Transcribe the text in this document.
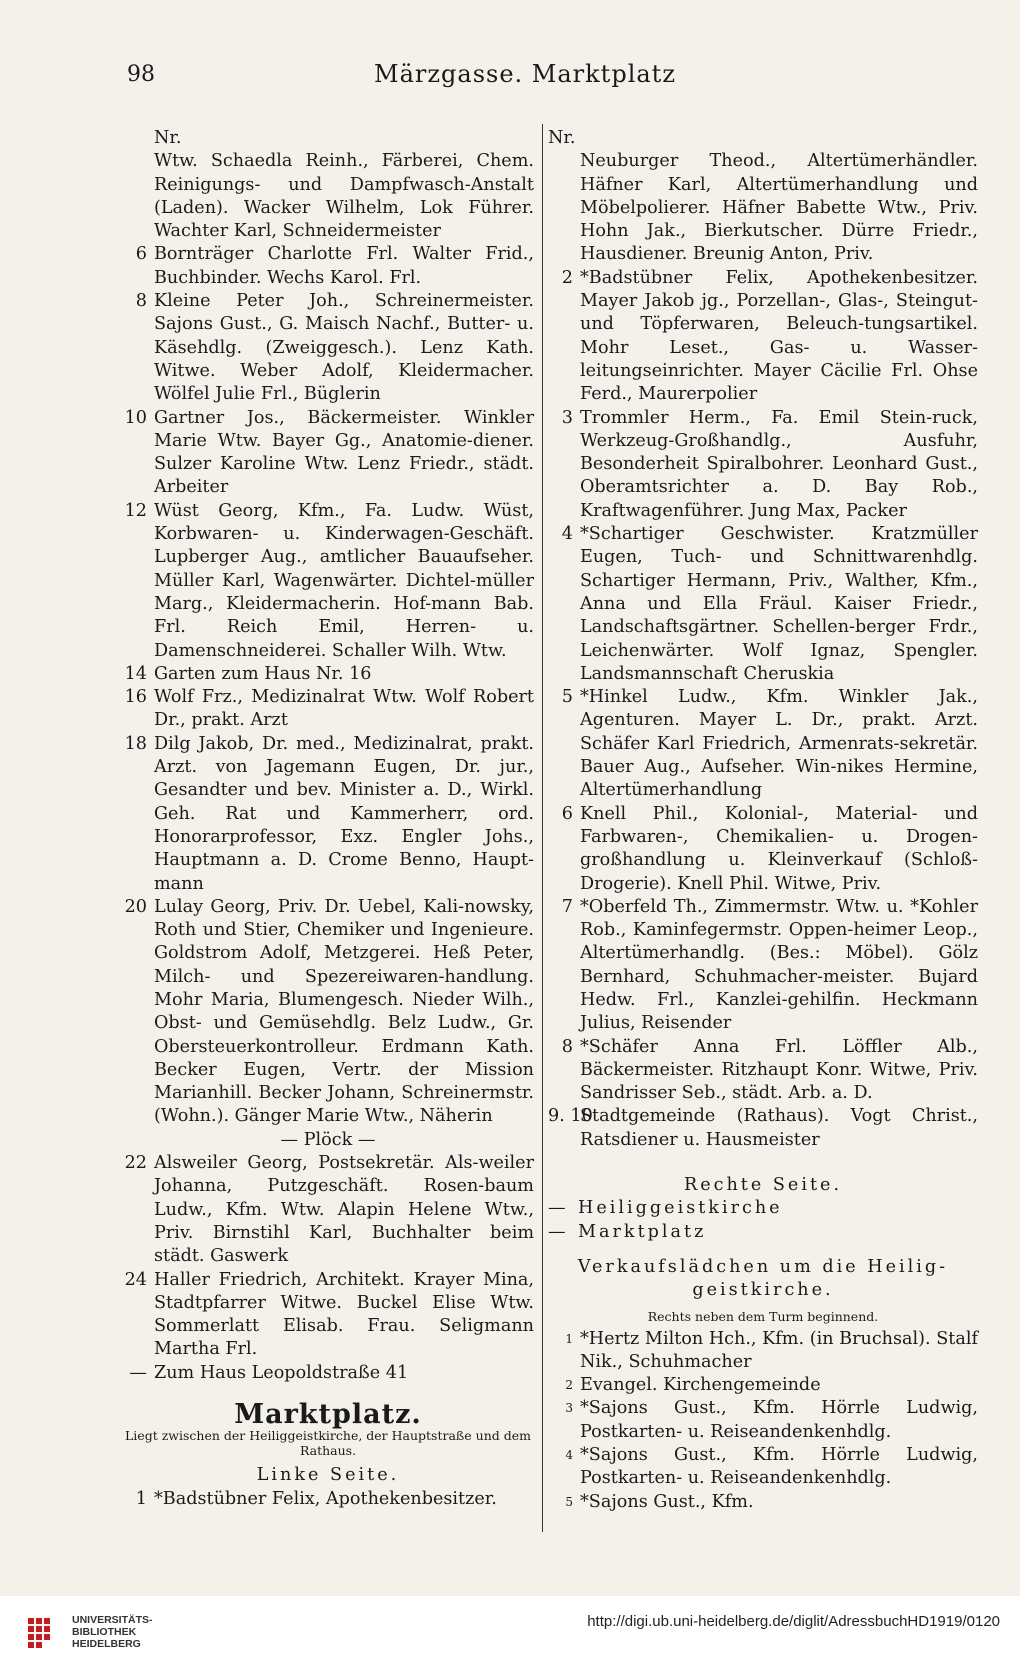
98	Märzgasse. Marktplatz
Nr.
Wtw. Schaedla Reinh., Färberei, Chem. Reinigungs- und Dampfwasch-Anstalt (Laden). Wacker Wilhelm, Lok Führer. Wachter Karl, Schneidermeister
6 Bornträger Charlotte Frl. Walter Frid., Buchbinder. Wechs Karol. Frl.
8 Kleine Peter Joh., Schreinermeister. Sajons Gust., G. Maisch Nachf., Butter- u. Käsehdlg. (Zweiggesch.). Lenz Kath. Witwe. Weber Adolf, Kleidermacher. Wölfel Julie Frl., Büglerin
10 Gartner Jos., Bäckermeister. Winkler Marie Wtw. Bayer Gg., Anatomie-diener. Sulzer Karoline Wtw. Lenz Friedr., städt. Arbeiter
12 Wüst Georg, Kfm., Fa. Ludw. Wüst, Korbwaren- u. Kinderwagen-Geschäft. Lupberger Aug., amtlicher Bauaufseher. Müller Karl, Wagenwärter. Dichtel-müller Marg., Kleidermacherin. Hof-mann Bab. Frl. Reich Emil, Herren- u. Damenschneiderei. Schaller Wilh. Wtw.
14 Garten zum Haus Nr. 16
16 Wolf Frz., Medizinalrat Wtw. Wolf Robert Dr., prakt. Arzt
18 Dilg Jakob, Dr. med., Medizinalrat, prakt. Arzt. von Jagemann Eugen, Dr. jur., Gesandter und bev. Minister a. D., Wirkl. Geh. Rat und Kammerherr, ord. Honorarprofessor, Exz. Engler Johs., Hauptmann a. D. Crome Benno, Haupt-mann
20 Lulay Georg, Priv. Dr. Uebel, Kali-nowsky, Roth und Stier, Chemiker und Ingenieure. Goldstrom Adolf, Metzgerei. Heß Peter, Milch- und Spezereiwaren-handlung. Mohr Maria, Blumengesch. Nieder Wilh., Obst- und Gemüsehdlg. Belz Ludw., Gr. Obersteuerkontrolleur. Erdmann Kath. Becker Eugen, Vertr. der Mission Marianhill. Becker Johann, Schreinermstr. (Wohn.). Gänger Marie Wtw., Näherin
— Plöck —
22 Alsweiler Georg, Postsekretär. Als-weiler Johanna, Putzgeschäft. Rosen-baum Ludw., Kfm. Wtw. Alapin Helene Wtw., Priv. Birnstihl Karl, Buchhalter beim städt. Gaswerk
24 Haller Friedrich, Architekt. Krayer Mina, Stadtpfarrer Witwe. Buckel Elise Wtw. Sommerlatt Elisab. Frau. Seligmann Martha Frl.
— Zum Haus Leopoldstraße 41
Marktplatz.
Liegt zwischen der Heiliggeistkirche, der Hauptstraße und dem Rathaus.
Linke Seite.
1 *Badstübner Felix, Apothekenbesitzer.
Nr.
Neuburger Theod., Altertümerhändler. Häfner Karl, Altertümerhandlung und Möbelpolierer. Häfner Babette Wtw., Priv. Hohn Jak., Bierkutscher. Dürre Friedr., Hausdiener. Breunig Anton, Priv.
2 *Badstübner Felix, Apothekenbesitzer. Mayer Jakob jg., Porzellan-, Glas-, Steingut- und Töpferwaren, Beleuch-tungsartikel. Mohr Leset., Gas- u. Wasser-leitungseinrichter. Mayer Cäcilie Frl. Ohse Ferd., Maurerpolier
3 Trommler Herm., Fa. Emil Stein-ruck, Werkzeug-Großhandlg., Ausfuhr, Besonderheit Spiralbohrer. Leonhard Gust., Oberamtsrichter a. D. Bay Rob., Kraftwagenführer. Jung Max, Packer
4 *Schartiger Geschwister. Kratzmüller Eugen, Tuch- und Schnittwarenhdlg. Schartiger Hermann, Priv., Walther, Kfm., Anna und Ella Fräul. Kaiser Friedr., Landschaftsgärtner. Schellen-berger Frdr., Leichenwärter. Wolf Ignaz, Spengler. Landsmannschaft Cheruskia
5 *Hinkel Ludw., Kfm. Winkler Jak., Agenturen. Mayer L. Dr., prakt. Arzt. Schäfer Karl Friedrich, Armenrats-sekretär. Bauer Aug., Aufseher. Win-nikes Hermine, Altertümerhandlung
6 Knell Phil., Kolonial-, Material- und Farbwaren-, Chemikalien- u. Drogen-großhandlung u. Kleinverkauf (Schloß-Drogerie). Knell Phil. Witwe, Priv.
7 *Oberfeld Th., Zimmermstr. Wtw. u. *Kohler Rob., Kaminfegermstr. Oppen-heimer Leop., Altertümerhandlg. (Bes.: Möbel). Gölz Bernhard, Schuhmacher-meister. Bujard Hedw. Frl., Kanzlei-gehilfin. Heckmann Julius, Reisender
8 *Schäfer Anna Frl. Löffler Alb., Bäckermeister. Ritzhaupt Konr. Witwe, Priv. Sandrisser Seb., städt. Arb. a. D.
9. 10
Stadtgemeinde (Rathaus). Vogt Christ., Ratsdiener u. Hausmeister
Rechte Seite.
— Heiliggeistkirche
— Marktplatz
Verkaufslädchen um die Heilig-geistkirche.
Rechts neben dem Turm beginnend.
1 *Hertz Milton Hch., Kfm. (in Bruchsal). Stalf Nik., Schuhmacher
2 Evangel. Kirchengemeinde
3 *Sajons Gust., Kfm. Hörrle Ludwig, Postkarten- u. Reiseandenkenhdlg.
4 *Sajons Gust., Kfm. Hörrle Ludwig, Postkarten- u. Reiseandenkenhdlg.
5 *Sajons Gust., Kfm.
UNIVERSITÄTS-
BIBLIOTHEK
HEIDELBERG
http://digi.ub.uni-heidelberg.de/diglit/AdressbuchHD1919/0120
